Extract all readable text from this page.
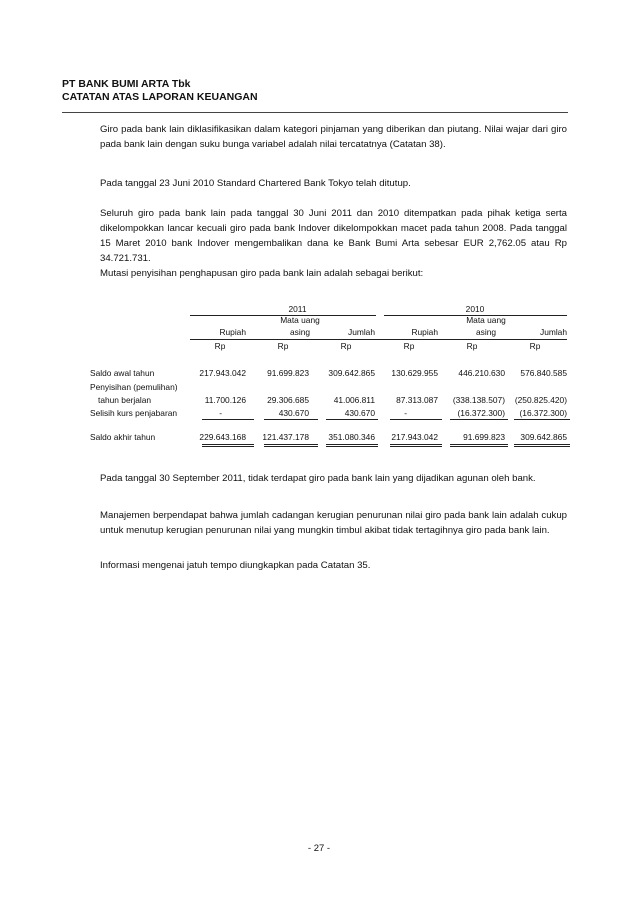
PT BANK BUMI ARTA Tbk
CATATAN ATAS LAPORAN KEUANGAN
Giro pada bank lain diklasifikasikan dalam kategori pinjaman yang diberikan dan piutang. Nilai wajar dari giro pada bank lain dengan suku bunga variabel adalah nilai tercatatnya (Catatan 38).
Pada tanggal 23 Juni 2010 Standard Chartered Bank Tokyo telah ditutup.
Seluruh giro pada bank lain pada tanggal 30 Juni 2011 dan 2010 ditempatkan pada pihak ketiga serta dikelompokkan lancar kecuali giro pada bank Indover dikelompokkan macet pada tahun 2008. Pada tanggal 15 Maret 2010 bank Indover mengembalikan dana ke Bank Bumi Arta sebesar EUR 2,762.05 atau Rp 34.721.731.
Mutasi penyisihan penghapusan giro pada bank lain adalah sebagai berikut:
2011	2010
Mata uang	Mata uang
Rupiah	asing	Jumlah	Rupiah	asing	Jumlah
Rp	Rp	Rp	Rp	Rp	Rp
Saldo awal tahun	217.943.042	91.699.823 309.642.865 130.629.955 446.210.630 576.840.585
Penyisihan (pemulihan)
tahun berjalan	11.700.126	29.306.685	41.006.811	87.313.087 (338.138.507) (250.825.420)
Selisih kurs penjabaran	-	430.670	430.670	-	(16.372.300) (16.372.300)
Saldo akhir tahun	229.643.168 121.437.178 351.080.346 217.943.042	91.699.823 309.642.865
Pada tanggal 30 September 2011, tidak terdapat giro pada bank lain yang dijadikan agunan oleh bank.
Manajemen berpendapat bahwa jumlah cadangan kerugian penurunan nilai giro pada bank lain adalah cukup untuk menutup kerugian penurunan nilai yang mungkin timbul akibat tidak tertagihnya giro pada bank lain.
Informasi mengenai jatuh tempo diungkapkan pada Catatan 35.
- 27 -
